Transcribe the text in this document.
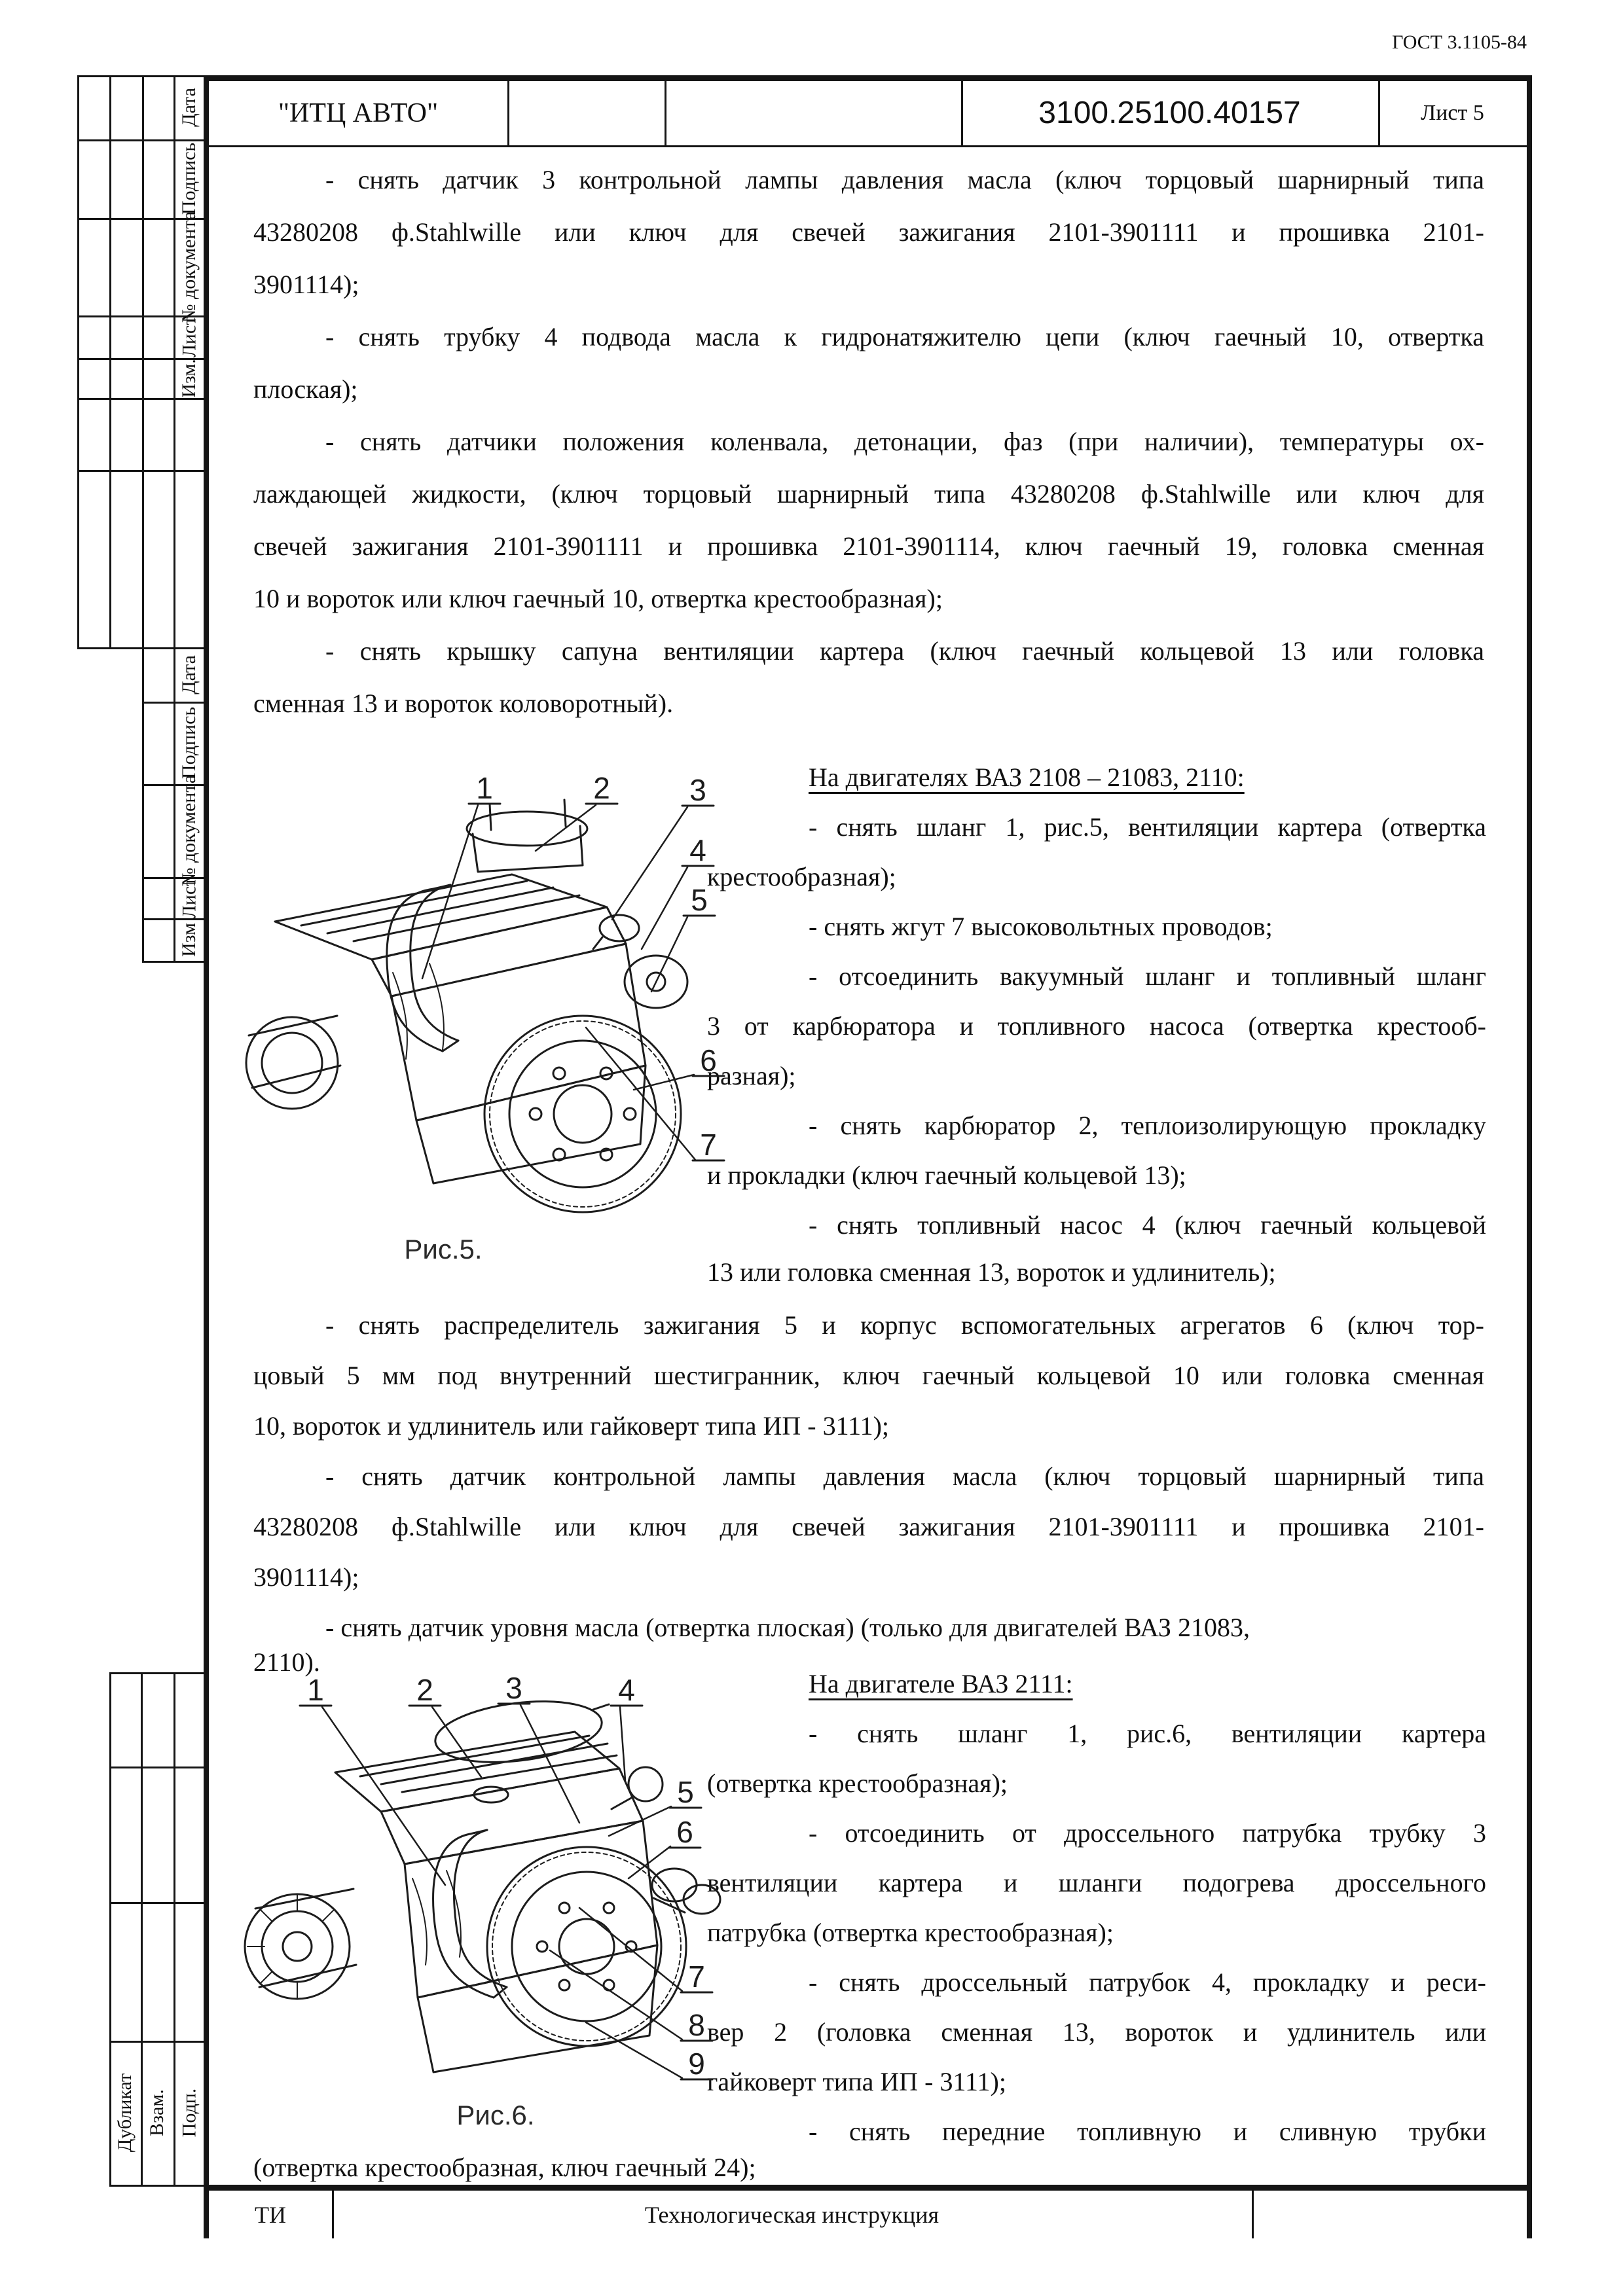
ГОСТ 3.1105-84
"ИТЦ АВТО"	3100.25100.40157	Лист 5
Дата
Подпись
№ документа
Лист
Изм.
Дата
Подпись
№ документа
Лист
Изм
Дубликат Взам. Подп.
- снять датчик 3 контрольной лампы давления масла (ключ торцовый шарнирный типа
43280208 ф.Stahlwille или ключ для свечей зажигания 2101-3901111 и прошивка 2101-
3901114);
- снять трубку 4 подвода масла к гидронатяжителю цепи (ключ гаечный 10, отвертка
плоская);
- снять датчики положения коленвала, детонации, фаз (при наличии), температуры ох-
лаждающей жидкости, (ключ торцовый шарнирный типа 43280208 ф.Stahlwille или ключ для
свечей зажигания 2101-3901111 и прошивка 2101-3901114, ключ гаечный 19, головка сменная
10 и вороток или ключ гаечный 10, отвертка крестообразная);
- снять крышку сапуна вентиляции картера (ключ гаечный кольцевой 13 или головка
сменная 13 и вороток коловоротный).
На двигателях ВАЗ 2108 – 21083, 2110:
- снять шланг 1, рис.5, вентиляции картера (отвертка
крестообразная);
- снять жгут 7 высоковольтных проводов;
- отсоединить вакуумный шланг и топливный шланг
3 от карбюратора и топливного насоса (отвертка крестооб-
разная);
- снять карбюратор 2, теплоизолирующую прокладку
и прокладки (ключ гаечный кольцевой 13);
- снять топливный насос 4 (ключ гаечный кольцевой
13 или головка сменная 13, вороток и удлинитель);
1	2	3
4
5
6
7
Рис.5.
- снять распределитель зажигания 5 и корпус вспомогательных агрегатов 6 (ключ тор-
цовый 5 мм под внутренний шестигранник, ключ гаечный кольцевой 10 или головка сменная
10, вороток и удлинитель или гайковерт типа ИП - 3111);
- снять датчик контрольной лампы давления масла (ключ торцовый шарнирный типа
43280208 ф.Stahlwille или ключ для свечей зажигания 2101-3901111 и прошивка 2101-
3901114);
- снять датчик уровня масла (отвертка плоская) (только для двигателей ВАЗ 21083,
2110).
На двигателе ВАЗ 2111:
- снять шланг 1, рис.6, вентиляции картера
(отвертка крестообразная);
- отсоединить от дроссельного патрубка трубку 3
вентиляции картера и шланги подогрева дроссельного
патрубка (отвертка крестообразная);
- снять дроссельный патрубок 4, прокладку и реси-
вер 2 (головка сменная 13, вороток и удлинитель или
гайковерт типа ИП - 3111);
- снять передние топливную и сливную трубки
(отвертка крестообразная, ключ гаечный 24);
1	2 3	4
5
6
7
8
9
Рис.6.
ТИ	Технологическая инструкция
